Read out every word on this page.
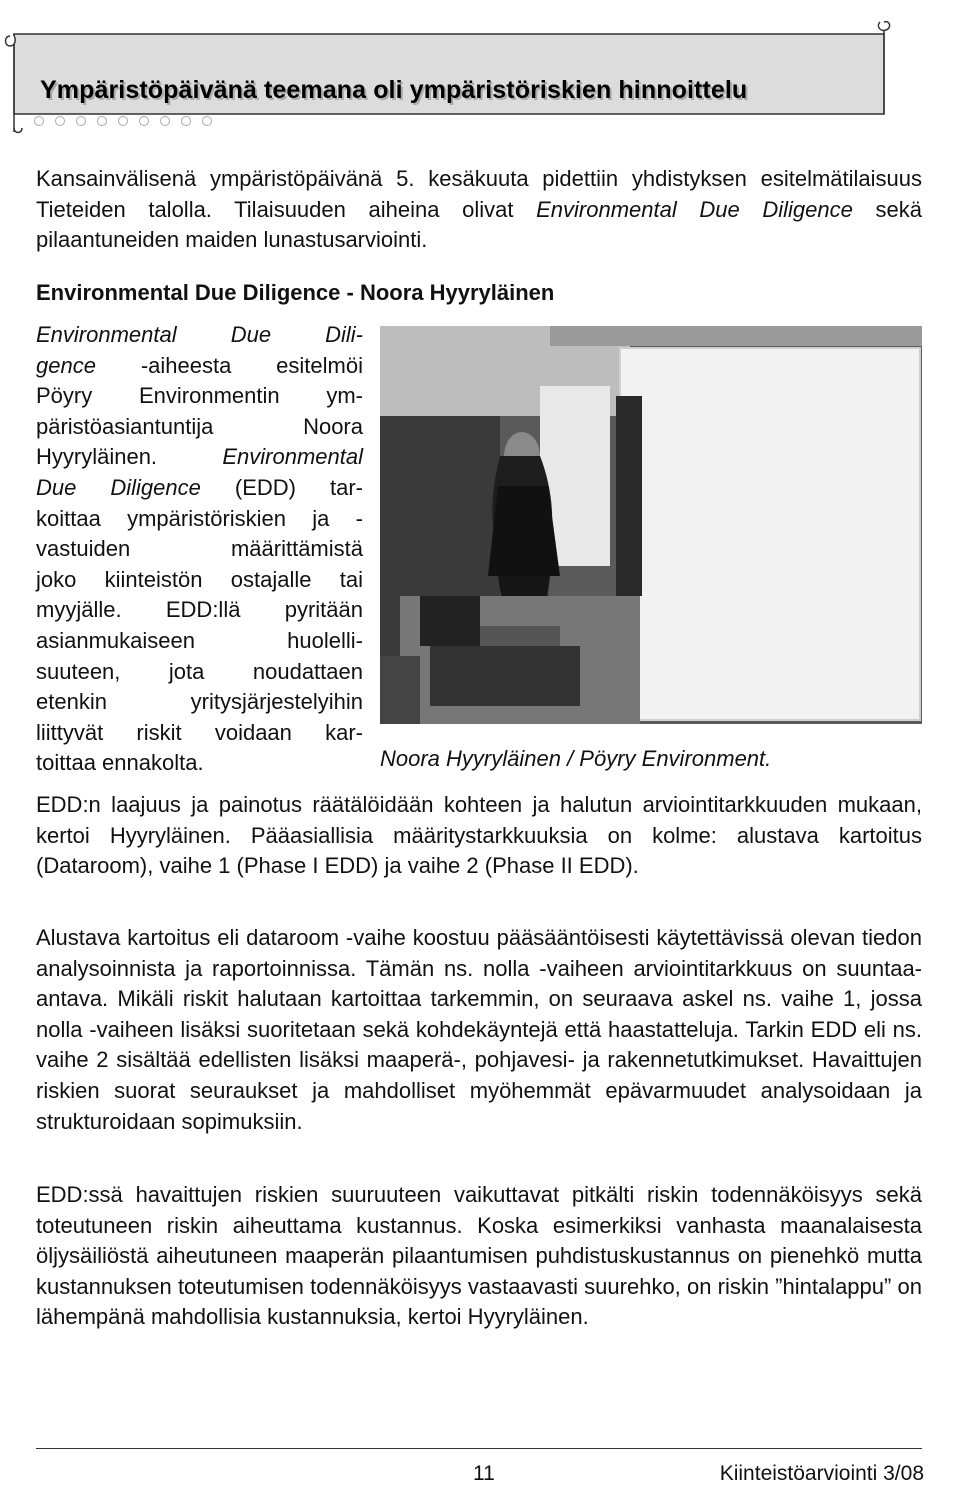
Ympäristöpäivänä teemana oli ympäristöriskien hinnoittelu

Kansainvälisenä ympäristöpäivänä 5. kesäkuuta pidettiin yhdistyksen esitelmätilaisuus Tieteiden talolla. Tilaisuuden aiheina olivat Environmental Due Diligence sekä pilaantuneiden maiden lunastusarviointi.

Environmental Due Diligence - Noora Hyyryläinen

Environmental Due Dili-
gence -aiheesta esitelmöi
Pöyry Environmentin ym-
päristöasiantuntija Noora
Hyyryläinen. Environmental
Due Diligence (EDD) tar-
koittaa ympäristöriskien ja -
vastuiden määrittämistä
joko kiinteistön ostajalle tai
myyjälle. EDD:llä pyritään
asianmukaiseen huolelli-
suuteen, jota noudattaen
etenkin yritysjärjestelyihin
liittyvät riskit voidaan kar-
toittaa ennakolta.	Noora Hyyryläinen / Pöyry Environment.

EDD:n laajuus ja painotus räätälöidään kohteen ja halutun arviointitarkkuuden mukaan, kertoi Hyyryläinen. Pääasiallisia määritystarkkuuksia on kolme: alustava kartoitus (Dataroom), vaihe 1 (Phase I EDD) ja vaihe 2 (Phase II EDD).

Alustava kartoitus eli dataroom -vaihe koostuu pääsääntöisesti käytettävissä olevan tiedon analysoinnista ja raportoinnissa. Tämän ns. nolla -vaiheen arviointitarkkuus on suuntaa-antava. Mikäli riskit halutaan kartoittaa tarkemmin, on seuraava askel ns. vaihe 1, jossa nolla -vaiheen lisäksi suoritetaan sekä kohdekäyntejä että haastatteluja. Tarkin EDD eli ns. vaihe 2 sisältää edellisten lisäksi maaperä-, pohjavesi- ja rakennetutkimukset. Havaittujen riskien suorat seuraukset ja mahdolliset myöhemmät epävarmuudet analysoidaan ja strukturoidaan sopimuksiin.

EDD:ssä havaittujen riskien suuruuteen vaikuttavat pitkälti riskin todennäköisyys sekä toteutuneen riskin aiheuttama kustannus. Koska esimerkiksi vanhasta maanalaisesta öljysäiliöstä aiheutuneen maaperän pilaantumisen puhdistuskustannus on pienehkö mutta kustannuksen toteutumisen todennäköisyys vastaavasti suurehko, on riskin ”hintalappu” on lähempänä mahdollisia kustannuksia, kertoi Hyyryläinen.

11	Kiinteistöarviointi 3/08
